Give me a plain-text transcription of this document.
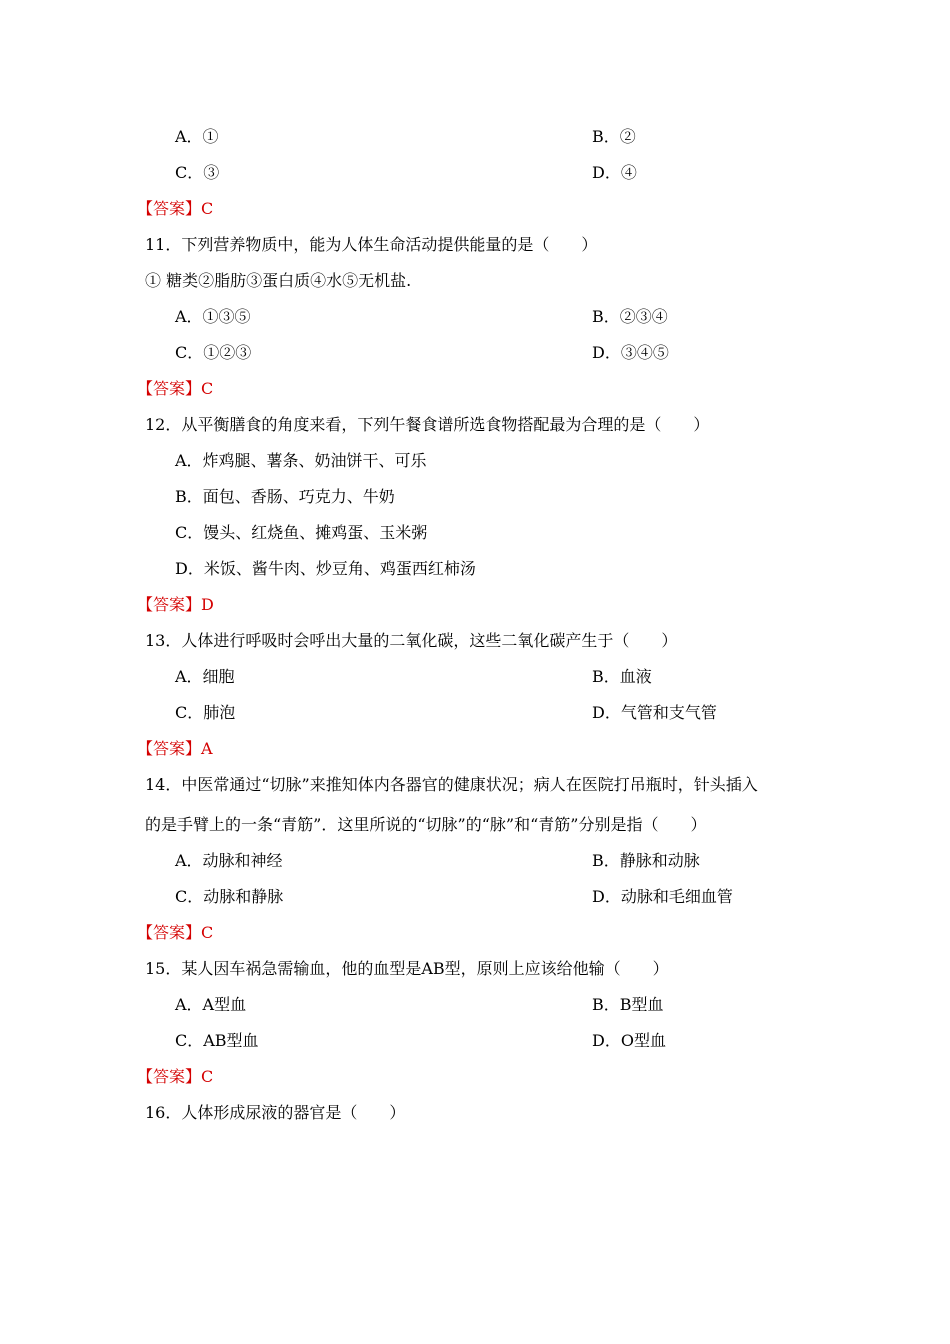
A．①	B．②
C．③	D．④
【答案】C
11．下列营养物质中，能为人体生命活动提供能量的是（　　）
① 糖类②脂肪③蛋白质④水⑤无机盐.
A．①③⑤	B．②③④
C．①②③	D．③④⑤
【答案】C
12．从平衡膳食的角度来看，下列午餐食谱所选食物搭配最为合理的是（　　）
A．炸鸡腿、薯条、奶油饼干、可乐
B．面包、香肠、巧克力、牛奶
C．馒头、红烧鱼、摊鸡蛋、玉米粥
D．米饭、酱牛肉、炒豆角、鸡蛋西红柿汤
【答案】D
13．人体进行呼吸时会呼出大量的二氧化碳，这些二氧化碳产生于（　　）
A．细胞	B．血液
C．肺泡	D．气管和支气管
【答案】A
14．中医常通过“切脉”来推知体内各器官的健康状况；病人在医院打吊瓶时，针头插入
的是手臂上的一条“青筋”．这里所说的“切脉”的“脉”和“青筋”分别是指（　　）
A．动脉和神经	B．静脉和动脉
C．动脉和静脉	D．动脉和毛细血管
【答案】C
15．某人因车祸急需输血，他的血型是AB型，原则上应该给他输（　　）
A．A型血	B．B型血
C．AB型血	D．O型血
【答案】C
16．人体形成尿液的器官是（　　）
